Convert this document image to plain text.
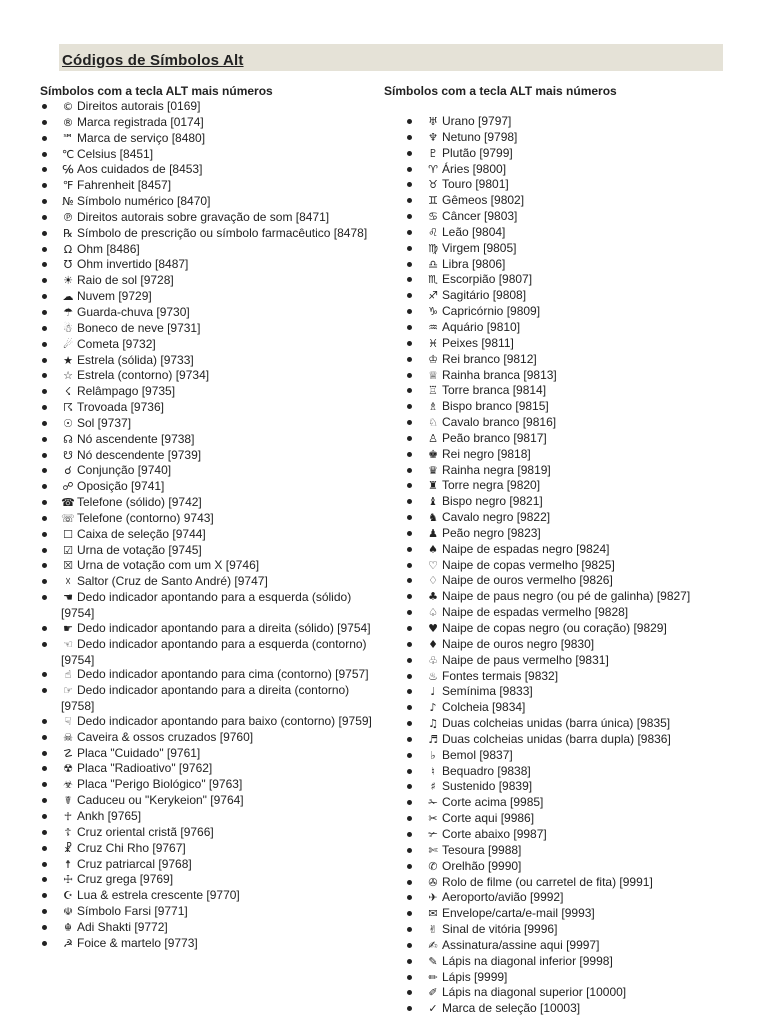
Códigos de Símbolos Alt
Símbolos com a tecla ALT mais números
© Direitos autorais [0169]
® Marca registrada [0174]
℠ Marca de serviço [8480]
℃ Celsius [8451]
℅ Aos cuidados de [8453]
℉ Fahrenheit [8457]
№ Símbolo numérico [8470]
℗ Direitos autorais sobre gravação de som [8471]
℞ Símbolo de prescrição ou símbolo farmacêutico [8478]
Ω Ohm [8486]
℧ Ohm invertido [8487]
☀ Raio de sol [9728]
☁ Nuvem [9729]
☂ Guarda-chuva [9730]
☃ Boneco de neve [9731]
☄ Cometa [9732]
★ Estrela (sólida) [9733]
☆ Estrela (contorno) [9734]
☇ Relâmpago [9735]
☈ Trovoada [9736]
☉ Sol [9737]
☊ Nó ascendente [9738]
☋ Nó descendente [9739]
☌ Conjunção [9740]
☍ Oposição [9741]
☎ Telefone (sólido) [9742]
☏ Telefone (contorno) 9743]
☐ Caixa de seleção [9744]
☑ Urna de votação [9745]
☒ Urna de votação com um X [9746]
☓ Saltor (Cruz de Santo André) [9747]
☚ Dedo indicador apontando para a esquerda (sólido) [9754]
☛ Dedo indicador apontando para a direita (sólido) [9754]
☜ Dedo indicador apontando para a esquerda (contorno) [9754]
☝ Dedo indicador apontando para cima (contorno) [9757]
☞ Dedo indicador apontando para a direita (contorno) [9758]
☟ Dedo indicador apontando para baixo (contorno) [9759]
☠ Caveira & ossos cruzados [9760]
☡ Placa "Cuidado" [9761]
☢ Placa "Radioativo" [9762]
☣ Placa "Perigo Biológico" [9763]
☤ Caduceu ou "Kerykeion" [9764]
☥ Ankh [9765]
☦ Cruz oriental cristã [9766]
☧ Cruz Chi Rho [9767]
☨ Cruz patriarcal [9768]
☩ Cruz grega [9769]
☪ Lua & estrela crescente [9770]
☫ Símbolo Farsi [9771]
☬ Adi Shakti [9772]
☭ Foice & martelo [9773]
Símbolos com a tecla ALT mais números
♅ Urano [9797]
♆ Netuno [9798]
♇ Plutão [9799]
♈ Áries [9800]
♉ Touro [9801]
♊ Gêmeos [9802]
♋ Câncer [9803]
♌ Leão [9804]
♍ Virgem [9805]
♎ Libra [9806]
♏ Escorpião [9807]
♐ Sagitário [9808]
♑ Capricórnio [9809]
♒ Aquário [9810]
♓ Peixes [9811]
♔ Rei branco [9812]
♕ Rainha branca [9813]
♖ Torre branca [9814]
♗ Bispo branco [9815]
♘ Cavalo branco [9816]
♙ Peão branco [9817]
♚ Rei negro [9818]
♛ Rainha negra [9819]
♜ Torre negra [9820]
♝ Bispo negro [9821]
♞ Cavalo negro [9822]
♟ Peão negro [9823]
♠ Naipe de espadas negro [9824]
♡ Naipe de copas vermelho [9825]
♢ Naipe de ouros vermelho [9826]
♣ Naipe de paus negro (ou pé de galinha) [9827]
♤ Naipe de espadas vermelho [9828]
♥ Naipe de copas negro (ou coração) [9829]
♦ Naipe de ouros negro [9830]
♧ Naipe de paus vermelho [9831]
♨ Fontes termais [9832]
♩ Semínima [9833]
♪ Colcheia [9834]
♫ Duas colcheias unidas (barra única) [9835]
♬ Duas colcheias unidas (barra dupla) [9836]
♭ Bemol [9837]
♮ Bequadro [9838]
♯ Sustenido [9839]
✁ Corte acima [9985]
✂ Corte aqui [9986]
✃ Corte abaixo [9987]
✄ Tesoura [9988]
✆ Orelhão [9990]
✇ Rolo de filme (ou carretel de fita) [9991]
✈ Aeroporto/avião [9992]
✉ Envelope/carta/e-mail [9993]
✌ Sinal de vitória [9996]
✍ Assinatura/assine aqui [9997]
✎ Lápis na diagonal inferior [9998]
✏ Lápis [9999]
✐ Lápis na diagonal superior [10000]
✓ Marca de seleção [10003]
